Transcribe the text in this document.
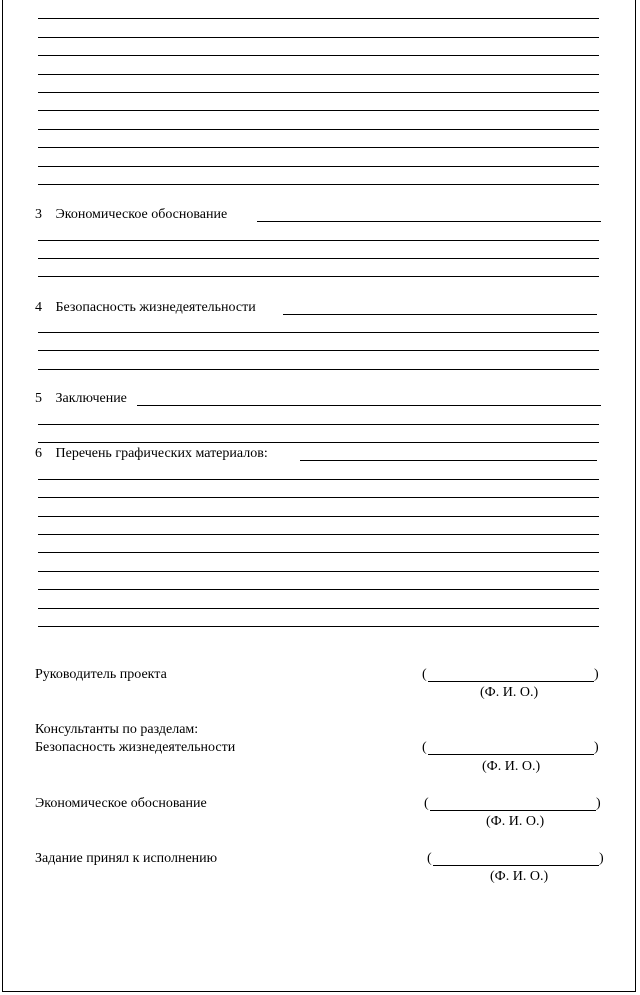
3 Экономическое обоснование
4 Безопасность жизнедеятельности
5 Заключение
6 Перечень графических материалов:
Руководитель проекта	(	)
(Ф. И. О.)
Консультанты по разделам:
Безопасность жизнедеятельности	(	)
(Ф. И. О.)
Экономическое обоснование	(	)
(Ф. И. О.)
Задание принял к исполнению	(	)
(Ф. И. О.)
